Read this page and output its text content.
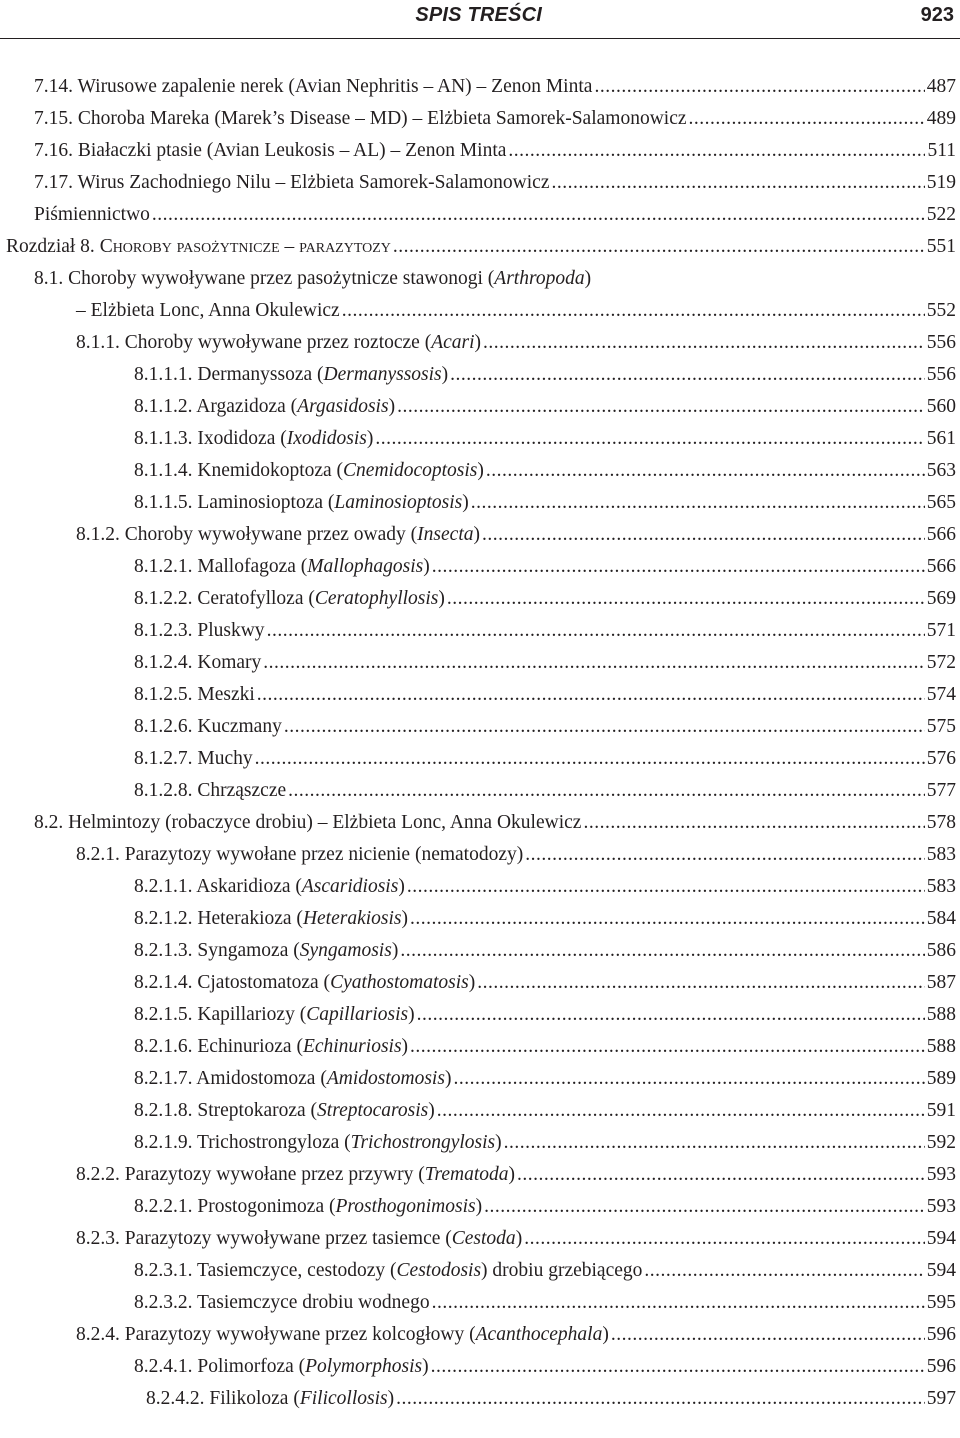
SPIS TREŚCI	923
7.14. Wirusowe zapalenie nerek (Avian Nephritis – AN) – Zenon Minta .....	487
7.15. Choroba Mareka (Marek’s Disease – MD) – Elżbieta Samorek-Salamonowicz .....	489
7.16. Białaczki ptasie (Avian Leukosis – AL) – Zenon Minta .....	511
7.17. Wirus Zachodniego Nilu – Elżbieta Samorek-Salamonowicz .....	519
Piśmiennictwo .....	522
Rozdział 8. Choroby pasożytnicze – parazytozy .....	551
8.1. Choroby wywoływane przez pasożytnicze stawonogi (Arthropoda)
– Elżbieta Lonc, Anna Okulewicz .....	552
8.1.1. Choroby wywoływane przez roztocze (Acari) .....	556
8.1.1.1. Dermanyssoza (Dermanyssosis) .....	556
8.1.1.2. Argazidoza (Argasidosis) .....	560
8.1.1.3. Ixodidoza (Ixodidosis) .....	561
8.1.1.4. Knemidokoptoza (Cnemidocoptosis) .....	563
8.1.1.5. Laminosioptoza (Laminosioptosis) .....	565
8.1.2. Choroby wywoływane przez owady (Insecta) .....	566
8.1.2.1. Mallofagoza (Mallophagosis) .....	566
8.1.2.2. Ceratofylloza (Ceratophyllosis) .....	569
8.1.2.3. Pluskwy .....	571
8.1.2.4. Komary .....	572
8.1.2.5. Meszki .....	574
8.1.2.6. Kuczmany .....	575
8.1.2.7. Muchy .....	576
8.1.2.8. Chrząszcze .....	577
8.2. Helmintozy (robaczyce drobiu) – Elżbieta Lonc, Anna Okulewicz .....	578
8.2.1. Parazytozy wywołane przez nicienie (nematodozy) .....	583
8.2.1.1. Askaridioza (Ascaridiosis) .....	583
8.2.1.2. Heterakioza (Heterakiosis) .....	584
8.2.1.3. Syngamoza (Syngamosis) .....	586
8.2.1.4. Cjatostomatoza (Cyathostomatosis) .....	587
8.2.1.5. Kapillariozy (Capillariosis) .....	588
8.2.1.6. Echinurioza (Echinuriosis) .....	588
8.2.1.7. Amidostomoza (Amidostomosis) .....	589
8.2.1.8. Streptokaroza (Streptocarosis) .....	591
8.2.1.9. Trichostrongyloza (Trichostrongylosis) .....	592
8.2.2. Parazytozy wywołane przez przywry (Trematoda) .....	593
8.2.2.1. Prostogonimoza (Prosthogonimosis) .....	593
8.2.3. Parazytozy wywoływane przez tasiemce (Cestoda) .....	594
8.2.3.1. Tasiemczyce, cestodozy (Cestodosis) drobiu grzebiącego .....	594
8.2.3.2. Tasiemczyce drobiu wodnego .....	595
8.2.4. Parazytozy wywoływane przez kolcogłowy (Acanthocephala) .....	596
8.2.4.1. Polimorfoza (Polymorphosis) .....	596
8.2.4.2. Filikoloza (Filicollosis) .....	597
